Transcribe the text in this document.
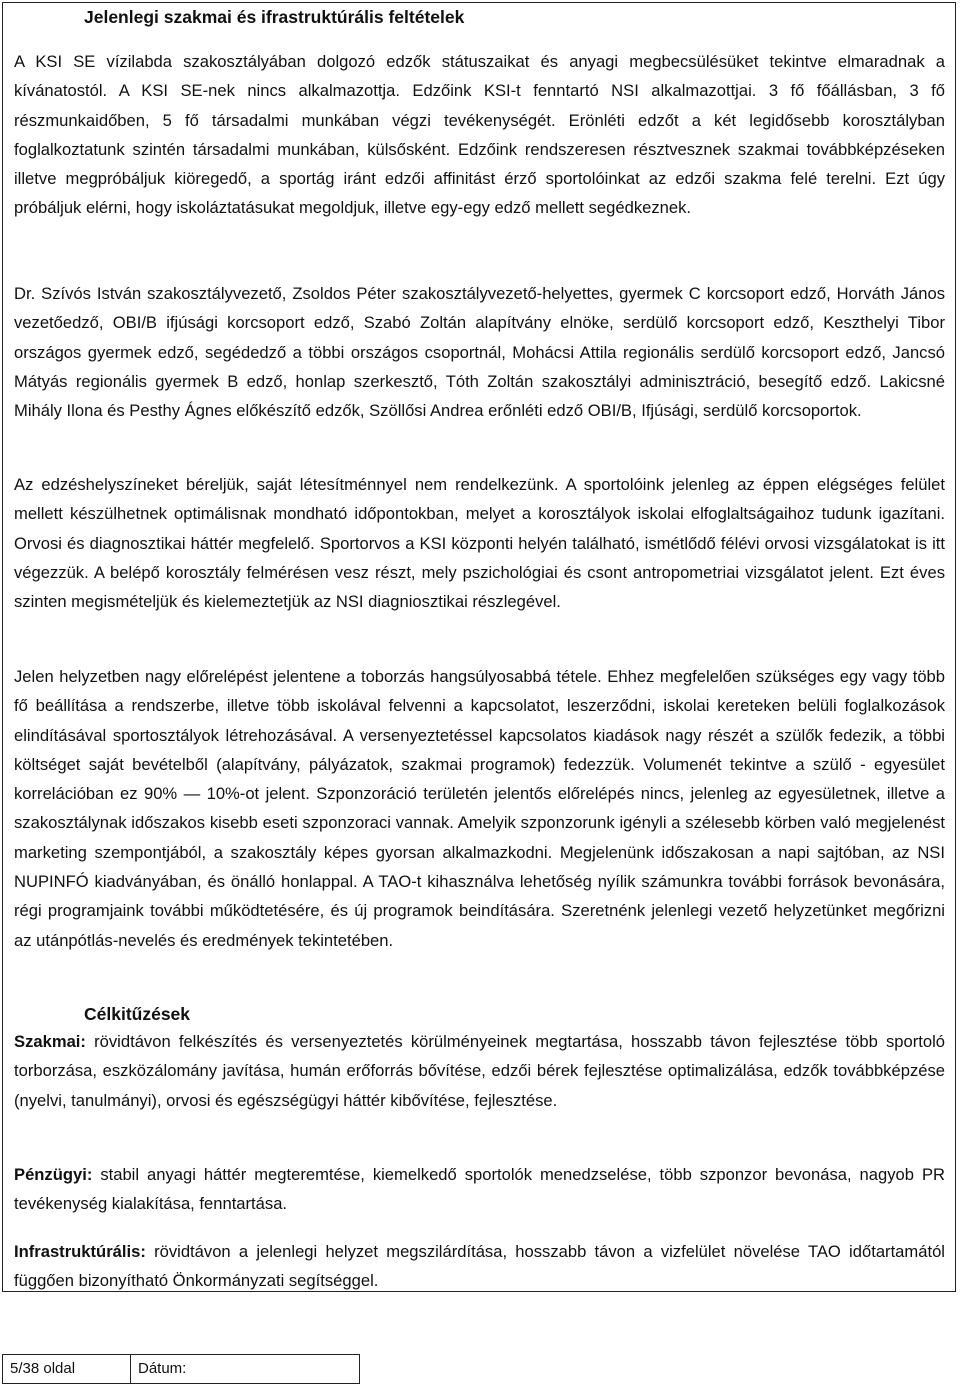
Jelenlegi szakmai és ifrastruktúrális feltételek

A KSI SE vízilabda szakosztályában dolgozó edzők státuszaikat és anyagi megbecsülésüket tekintve elmaradnak a kívánatostól. A KSI SE-nek nincs alkalmazottja. Edzőink KSI-t fenntartó NSI alkalmazottjai. 3 fő főállásban, 3 fő részmunkaidőben, 5 fő társadalmi munkában végzi tevékenységét. Erönléti edzőt a két legidősebb korosztályban foglalkoztatunk szintén társadalmi munkában, külsősként. Edzőink rendszeresen résztvesznek szakmai továbbképzéseken illetve megpróbáljuk kiöregedő, a sportág iránt edzői affinitást érző sportolóinkat az edzői szakma felé terelni. Ezt úgy próbáljuk elérni, hogy iskoláztatásukat megoldjuk, illetve egy-egy edző mellett segédkeznek.

Dr. Szívós István szakosztályvezető, Zsoldos Péter szakosztályvezető-helyettes, gyermek C korcsoport edző, Horváth János vezetőedző, OBI/B ifjúsági korcsoport edző, Szabó Zoltán alapítvány elnöke, serdülő korcsoport edző, Keszthelyi Tibor országos gyermek edző, segédedző a többi országos csoportnál, Mohácsi Attila regionális serdülő korcsoport edző, Jancsó Mátyás regionális gyermek B edző, honlap szerkesztő, Tóth Zoltán szakosztályi adminisztráció, besegítő edző. Lakicsné Mihály Ilona és Pesthy Ágnes előkészítő edzők, Szöllősi Andrea erőnléti edző OBI/B, Ifjúsági, serdülő korcsoportok.

Az edzéshelyszíneket béreljük, saját létesítménnyel nem rendelkezünk. A sportolóink jelenleg az éppen elégséges felület mellett készülhetnek optimálisnak mondható időpontokban, melyet a korosztályok iskolai elfoglaltságaihoz tudunk igazítani. Orvosi és diagnosztikai háttér megfelelő. Sportorvos a KSI központi helyén található, ismétlődő félévi orvosi vizsgálatokat is itt végezzük. A belépő korosztály felmérésen vesz részt, mely pszichológiai és csont antropometriai vizsgálatot jelent. Ezt éves szinten megismételjük és kielemeztetjük az NSI diagniosztikai részlegével.

Jelen helyzetben nagy előrelépést jelentene a toborzás hangsúlyosabbá tétele. Ehhez megfelelően szükséges egy vagy több fő beállítása a rendszerbe, illetve több iskolával felvenni a kapcsolatot, leszerződni, iskolai kereteken belüli foglalkozások elindításával sportosztályok létrehozásával. A versenyeztetéssel kapcsolatos kiadások nagy részét a szülők fedezik, a többi költséget saját bevételből (alapítvány, pályázatok, szakmai programok) fedezzük. Volumenét tekintve a szülő - egyesület korrelációban ez 90% — 10%-ot jelent. Szponzoráció területén jelentős előrelépés nincs, jelenleg az egyesületnek, illetve a szakosztálynak időszakos kisebb eseti szponzoraci vannak. Amelyik szponzorunk igényli a szélesebb körben való megjelenést marketing szempontjából, a szakosztály képes gyorsan alkalmazkodni. Megjelenünk időszakosan a napi sajtóban, az NSI NUPINFÓ kiadványában, és önálló honlappal. A TAO-t kihasználva lehetőség nyílik számunkra további források bevonására, régi programjaink további működtetésére, és új programok beindítására. Szeretnénk jelenlegi vezető helyzetünket megőrizni az utánpótlás-nevelés és eredmények tekintetében.

Célkitűzések

Szakmai: rövidtávon felkészítés és versenyeztetés körülményeinek megtartása, hosszabb távon fejlesztése több sportoló torborzása, eszközálomány javítása, humán erőforrás bővítése, edzői bérek fejlesztése optimalizálása, edzők továbbképzése (nyelvi, tanulmányi), orvosi és egészségügyi háttér kibővítése, fejlesztése.

Pénzügyi: stabil anyagi háttér megteremtése, kiemelkedő sportolók menedzselése, több szponzor bevonása, nagyob PR tevékenység kialakítása, fenntartása.

Infrastruktúrális: rövidtávon a jelenlegi helyzet megszilárdítása, hosszabb távon a vizfelület növelése TAO időtartamától függően bizonyítható Önkormányzati segítséggel.

5/38 oldal	Dátum:
